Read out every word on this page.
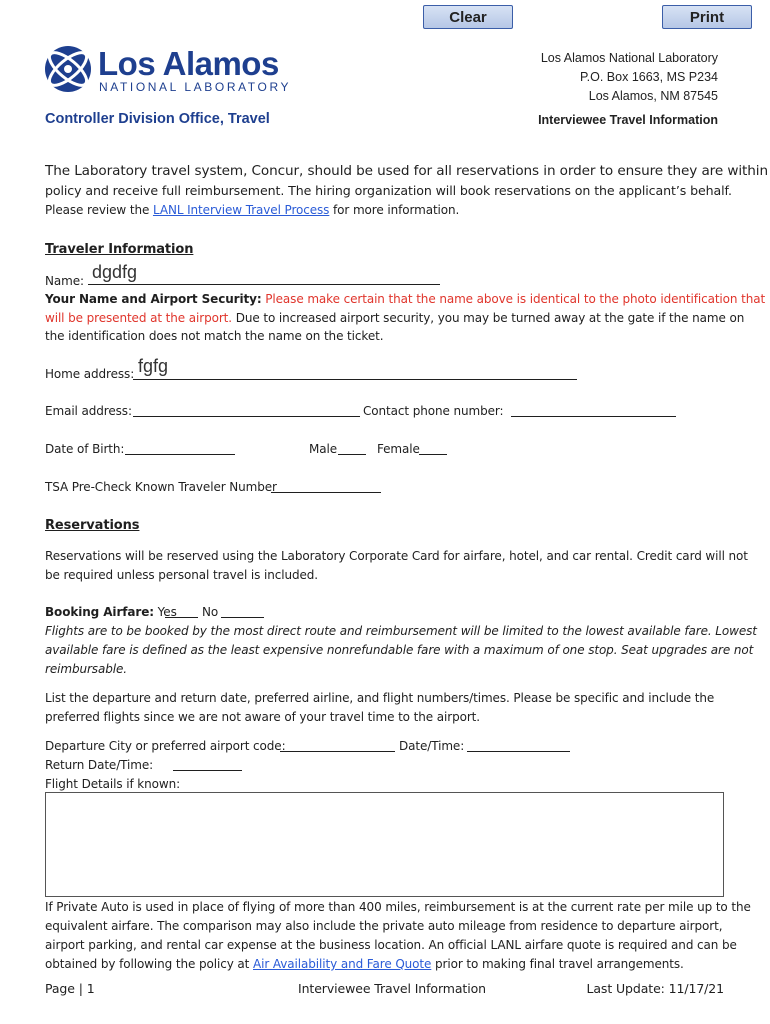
Clear	Print
Los Alamos
NATIONAL LABORATORY
Los Alamos National Laboratory
P.O. Box 1663, MS P234
Los Alamos, NM 87545
Controller Division Office, Travel	Interviewee Travel Information
The Laboratory travel system, Concur, should be used for all reservations in order to ensure they are within
policy and receive full reimbursement. The hiring organization will book reservations on the applicant’s behalf.
Please review the LANL Interview Travel Process for more information.
Traveler Information
Name: dgdfg
Your Name and Airport Security: Please make certain that the name above is identical to the photo identification that
will be presented at the airport. Due to increased airport security, you may be turned away at the gate if the name on
the identification does not match the name on the ticket.
Home address: fgfg
Email address:	Contact phone number:
Date of Birth:	Male	Female
TSA Pre-Check Known Traveler Number
Reservations
Reservations will be reserved using the Laboratory Corporate Card for airfare, hotel, and car rental. Credit card will not
be required unless personal travel is included.
Booking Airfare: Yes No
Flights are to be booked by the most direct route and reimbursement will be limited to the lowest available fare. Lowest
available fare is defined as the least expensive nonrefundable fare with a maximum of one stop. Seat upgrades are not
reimbursable.
List the departure and return date, preferred airline, and flight numbers/times. Please be specific and include the
preferred flights since we are not aware of your travel time to the airport.
Departure City or preferred airport code:	Date/Time:
Return Date/Time:
Flight Details if known:
If Private Auto is used in place of flying of more than 400 miles, reimbursement is at the current rate per mile up to the
equivalent airfare. The comparison may also include the private auto mileage from residence to departure airport,
airport parking, and rental car expense at the business location. An official LANL airfare quote is required and can be
obtained by following the policy at Air Availability and Fare Quote prior to making final travel arrangements.
Page | 1	Interviewee Travel Information	Last Update: 11/17/21
